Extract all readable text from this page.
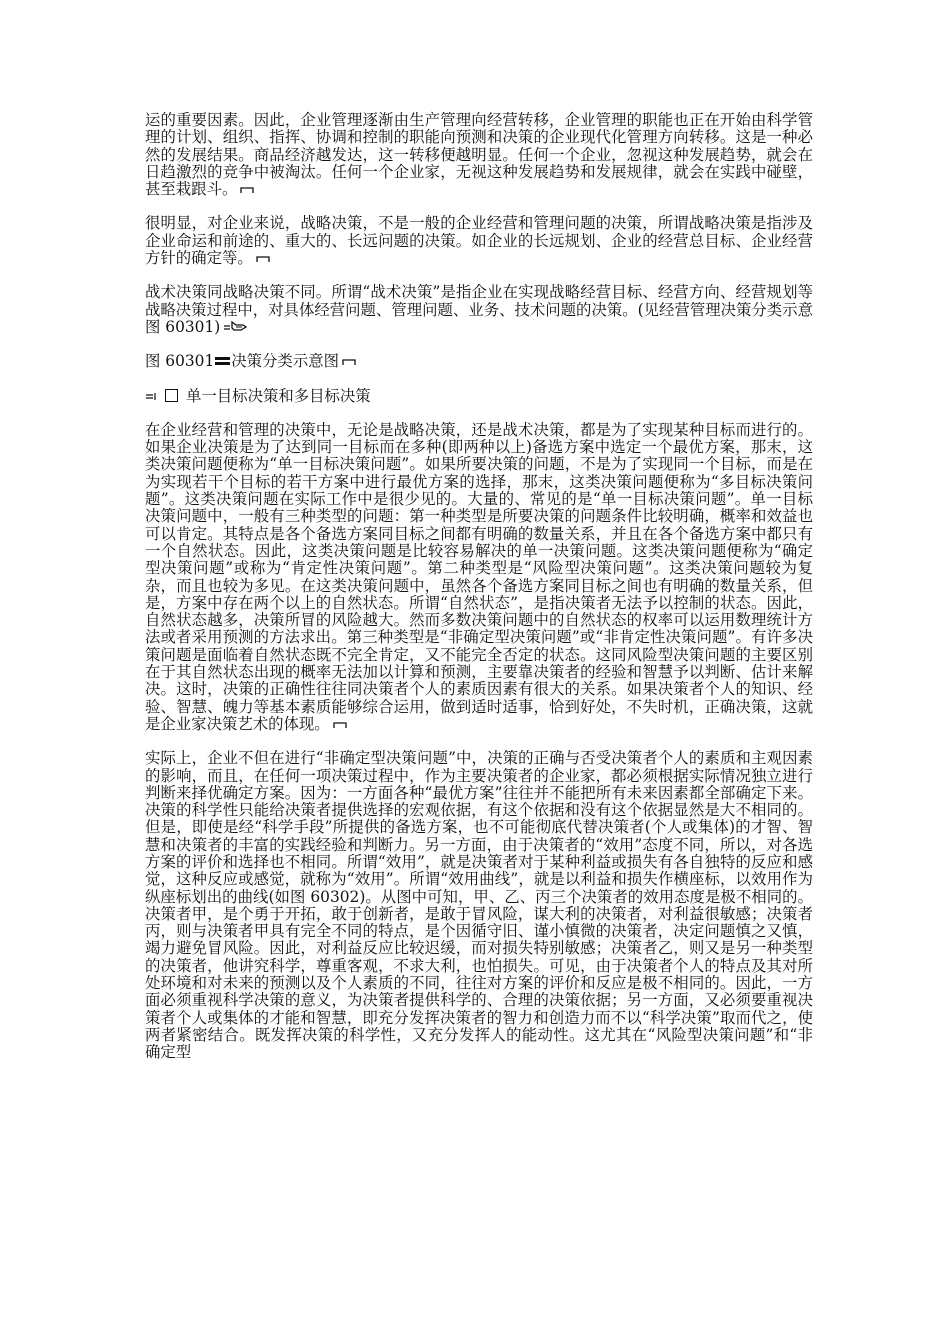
运的重要因素。因此，企业管理逐渐由生产管理向经营转移，企业管理的职能也正在开始由科学管理的计划、组织、指挥、协调和控制的职能向预测和决策的企业现代化管理方向转移。这是一种必然的发展结果。商品经济越发达，这一转移便越明显。任何一个企业，忽视这种发展趋势，就会在日趋激烈的竞争中被淘汰。任何一个企业家，无视这种发展趋势和发展规律，就会在实践中碰壁，甚至栽跟斗。

很明显，对企业来说，战略决策，不是一般的企业经营和管理问题的决策，所谓战略决策是指涉及企业命运和前途的、重大的、长远问题的决策。如企业的长远规划、企业的经营总目标、企业经营方针的确定等。

战术决策同战略决策不同。所谓“战术决策”是指企业在实现战略经营目标、经营方向、经营规划等战略决策过程中，对具体经营问题、管理问题、业务、技术问题的决策。(见经营管理决策分类示意图 60301)

图 60301 决策分类示意图

单一目标决策和多目标决策

在企业经营和管理的决策中，无论是战略决策，还是战术决策，都是为了实现某种目标而进行的。如果企业决策是为了达到同一目标而在多种(即两种以上)备选方案中选定一个最优方案，那末，这类决策问题便称为“单一目标决策问题”。如果所要决策的问题，不是为了实现同一个目标，而是在为实现若干个目标的若干方案中进行最优方案的选择，那末，这类决策问题便称为“多目标决策问题”。这类决策问题在实际工作中是很少见的。大量的、常见的是“单一目标决策问题”。单一目标决策问题中，一般有三种类型的问题：第一种类型是所要决策的问题条件比较明确，概率和效益也可以肯定。其特点是各个备选方案同目标之间都有明确的数量关系，并且在各个备选方案中都只有一个自然状态。因此，这类决策问题是比较容易解决的单一决策问题。这类决策问题便称为“确定型决策问题”或称为“肯定性决策问题”。第二种类型是“风险型决策问题”。这类决策问题较为复杂，而且也较为多见。在这类决策问题中，虽然各个备选方案同目标之间也有明确的数量关系，但是，方案中存在两个以上的自然状态。所谓“自然状态”，是指决策者无法予以控制的状态。因此，自然状态越多，决策所冒的风险越大。然而多数决策问题中的自然状态的权率可以运用数理统计方法或者采用预测的方法求出。第三种类型是“非确定型决策问题”或“非肯定性决策问题”。有许多决策问题是面临着自然状态既不完全肯定，又不能完全否定的状态。这同风险型决策问题的主要区别在于其自然状态出现的概率无法加以计算和预测，主要靠决策者的经验和智慧予以判断、估计来解决。这时，决策的正确性往往同决策者个人的素质因素有很大的关系。如果决策者个人的知识、经验、智慧、魄力等基本素质能够综合运用，做到适时适事，恰到好处，不失时机，正确决策，这就是企业家决策艺术的体现。

实际上，企业不但在进行“非确定型决策问题”中，决策的正确与否受决策者个人的素质和主观因素的影响，而且，在任何一项决策过程中，作为主要决策者的企业家，都必须根据实际情况独立进行判断来择优确定方案。因为：一方面各种“最优方案”往往并不能把所有未来因素都全部确定下来。决策的科学性只能给决策者提供选择的宏观依据，有这个依据和没有这个依据显然是大不相同的。但是，即使是经“科学手段”所提供的备选方案，也不可能彻底代替决策者(个人或集体)的才智、智慧和决策者的丰富的实践经验和判断力。另一方面，由于决策者的“效用”态度不同，所以，对各选方案的评价和选择也不相同。所谓“效用”，就是决策者对于某种利益或损失有各自独特的反应和感觉，这种反应或感觉，就称为“效用”。所谓“效用曲线”，就是以利益和损失作横座标，以效用作为纵座标划出的曲线(如图 60302)。从图中可知，甲、乙、丙三个决策者的效用态度是极不相同的。决策者甲，是个勇于开拓，敢于创新者，是敢于冒风险，谋大利的决策者，对利益很敏感；决策者丙，则与决策者甲具有完全不同的特点，是个因循守旧、谨小慎微的决策者，决定问题慎之又慎，竭力避免冒风险。因此，对利益反应比较迟缓，而对损失特别敏感；决策者乙，则又是另一种类型的决策者，他讲究科学，尊重客观，不求大利，也怕损失。可见，由于决策者个人的特点及其对所处环境和对未来的预测以及个人素质的不同，往往对方案的评价和反应是极不相同的。因此，一方面必须重视科学决策的意义，为决策者提供科学的、合理的决策依据；另一方面，又必须要重视决策者个人或集体的才能和智慧，即充分发挥决策者的智力和创造力而不以“科学决策”取而代之，使两者紧密结合。既发挥决策的科学性，又充分发挥人的能动性。这尤其在“风险型决策问题”和“非确定型
